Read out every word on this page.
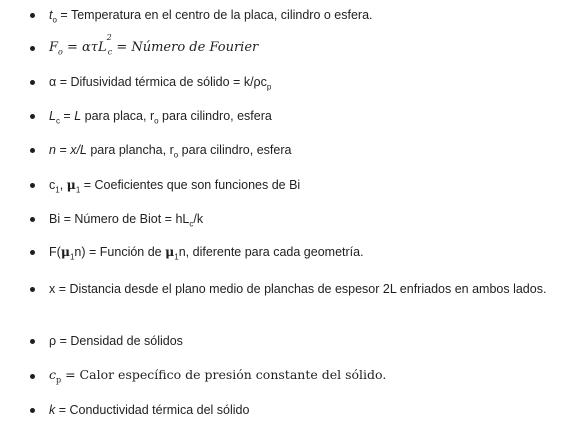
$t_o$ = Temperatura en el centro de la placa, cilindro o esfera.
$F_o = \alpha\tau L^2_c$ = Número de Fourier
α = Difusividad térmica de sólido = $k/\rho c_p$
$L_c = L$ para placa, $r_o$ para cilindro, esfera
n = x/L para plancha, $r_o$ para cilindro, esfera
$c_1$, $\mu_1$ = Coeficientes que son funciones de Bi
Bi = Número de Biot = $hL_c/k$
$F(\mu_1n)$ = Función de $\mu_1n$, diferente para cada geometría.
x = Distancia desde el plano medio de planchas de espesor 2L enfriados en ambos lados.
ρ = Densidad de sólidos
$c_p$ = Calor específico de presión constante del sólido.
k = Conductividad térmica del sólido
